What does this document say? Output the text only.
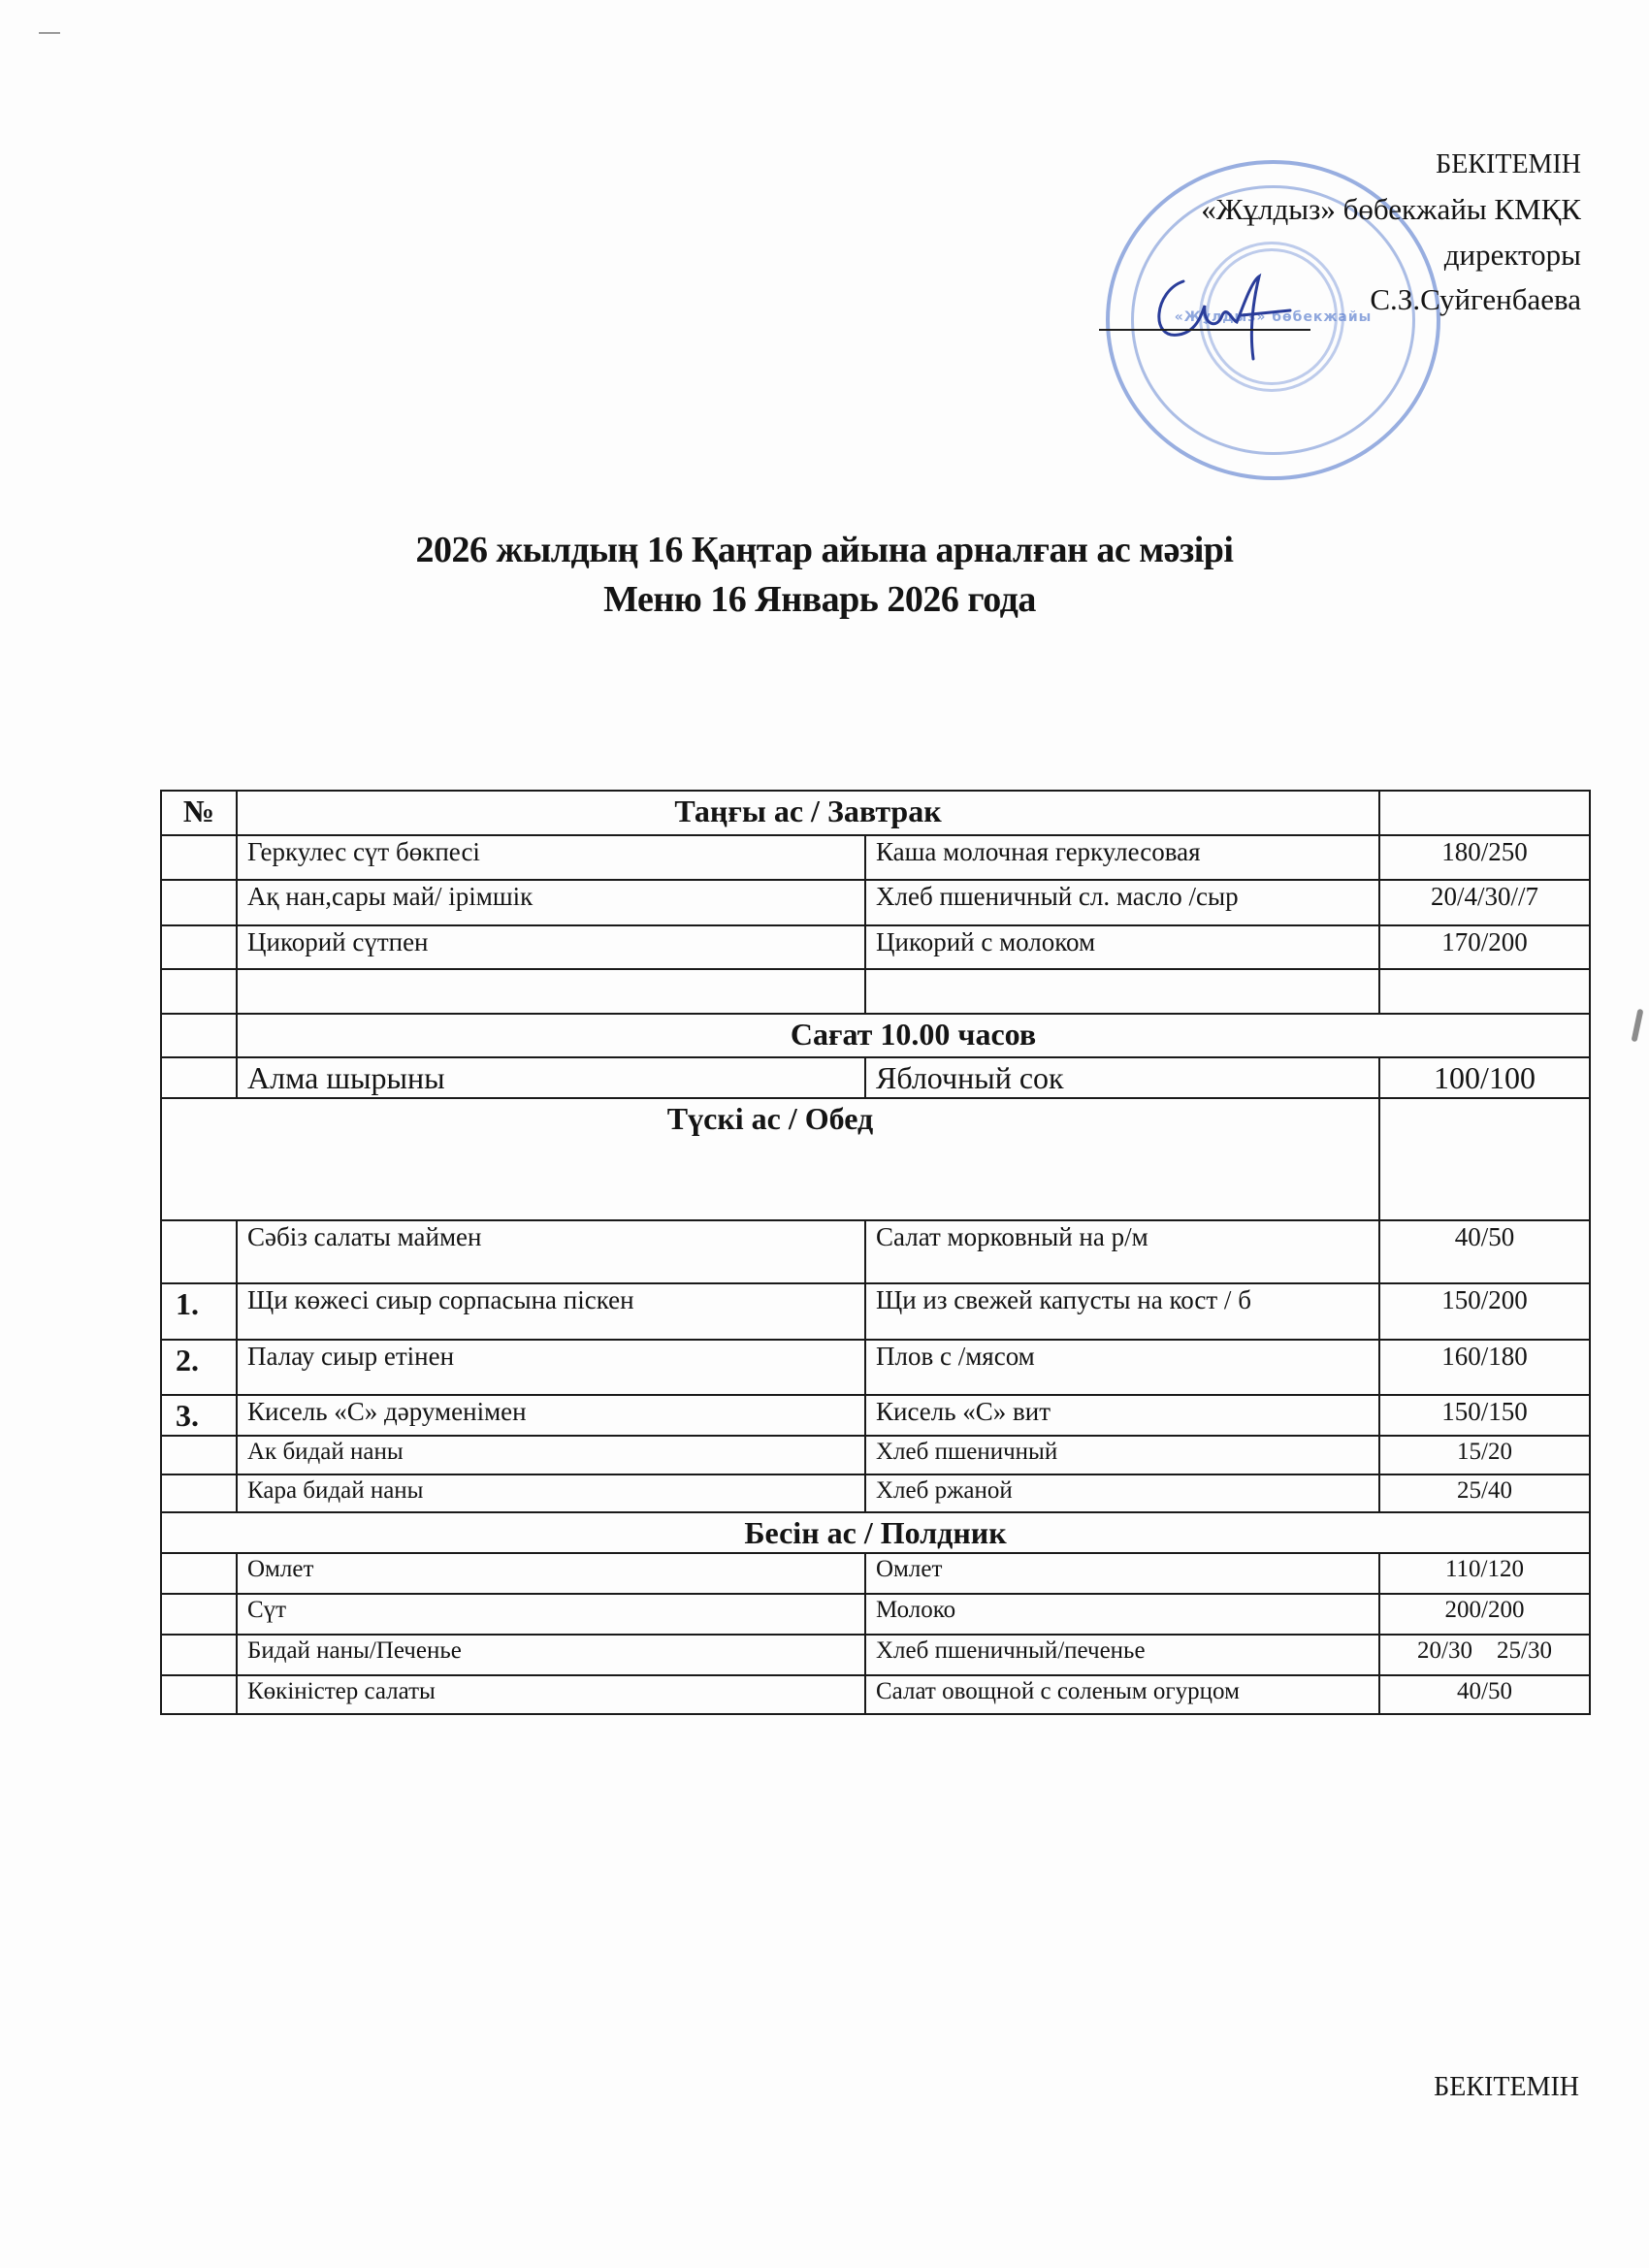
«Жұлдыз» бөбекжайы
БЕКІТЕМІН
«Жұлдыз» бөбекжайы КМҚК
директоры
С.З.Суйгенбаева
2026 жылдың 16 Қаңтар айына арналған ас мәзірі
Меню 16 Январь 2026 года
№	Таңғы ас / Завтрак		
	Геркулес сүт бөкпесі	Каша молочная геркулесовая	180/250
	Ақ нан,сары май/ ірімшік	Хлеб пшеничный сл. масло /сыр	20/4/30//7
	Цикорий сүтпен	Цикорий с молоком	170/200

	Сағат 10.00 часов		
	Алма шырыны	Яблочный сок	100/100
Түскі ас / Обед			
	Сәбіз салаты маймен	Салат морковный на р/м	40/50
1.	Щи көжесі сиыр сорпасына піскен	Щи из свежей капусты на кост / б	150/200
2.	Палау сиыр етінен	Плов с /мясом	160/180
3.	Кисель «С» дәруменімен	Кисель «С» вит	150/150
	Ак бидай наны	Хлеб пшеничный	15/20
	Кара бидай наны	Хлеб ржаной	25/40
Бесін ас / Полдник			
	Омлет	Омлет	110/120
	Сүт	Молоко	200/200
	Бидай наны/Печенье	Хлеб пшеничный/печенье	20/30    25/30
	Көкіністер салаты	Салат овощной с соленым огурцом	40/50
БЕКІТЕМІН
